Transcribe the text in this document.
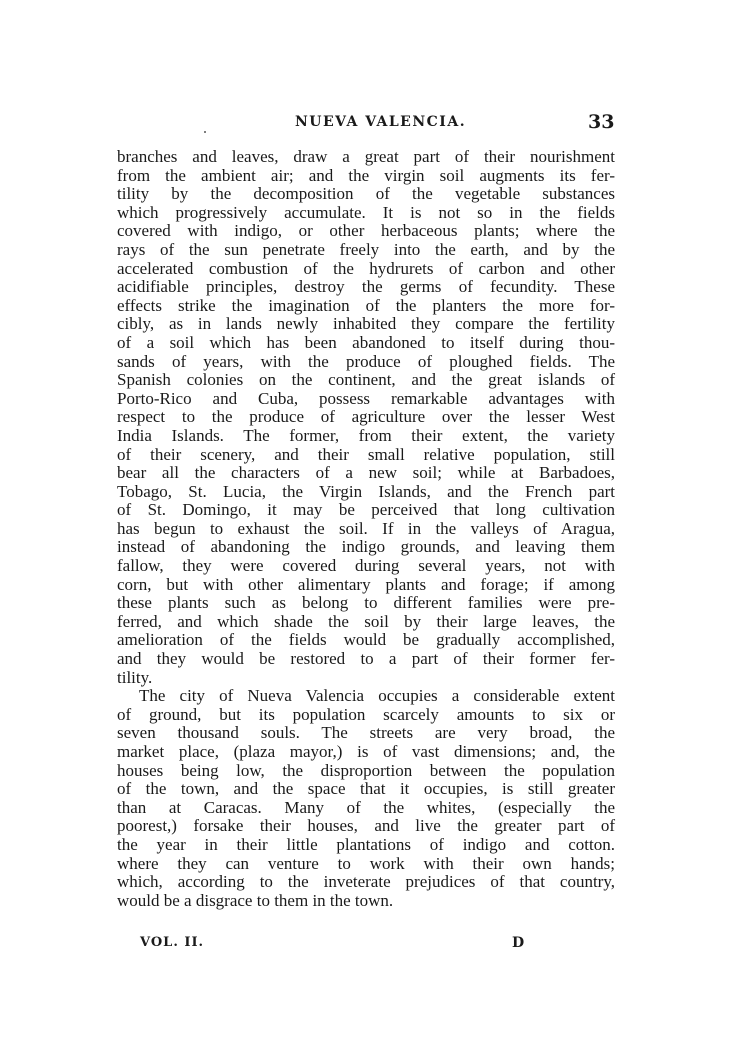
NUEVA VALENCIA.	33
branches and leaves, draw a great part of their nourishment
from the ambient air; and the virgin soil augments its fer-
tility by the decomposition of the vegetable substances
which progressively accumulate. It is not so in the fields
covered with indigo, or other herbaceous plants; where the
rays of the sun penetrate freely into the earth, and by the
accelerated combustion of the hydrurets of carbon and other
acidifiable principles, destroy the germs of fecundity. These
effects strike the imagination of the planters the more for-
cibly, as in lands newly inhabited they compare the fertility
of a soil which has been abandoned to itself during thou-
sands of years, with the produce of ploughed fields. The
Spanish colonies on the continent, and the great islands of
Porto-Rico and Cuba, possess remarkable advantages with
respect to the produce of agriculture over the lesser West
India Islands. The former, from their extent, the variety
of their scenery, and their small relative population, still
bear all the characters of a new soil; while at Barbadoes,
Tobago, St. Lucia, the Virgin Islands, and the French part
of St. Domingo, it may be perceived that long cultivation
has begun to exhaust the soil. If in the valleys of Aragua,
instead of abandoning the indigo grounds, and leaving them
fallow, they were covered during several years, not with
corn, but with other alimentary plants and forage; if among
these plants such as belong to different families were pre-
ferred, and which shade the soil by their large leaves, the
amelioration of the fields would be gradually accomplished,
and they would be restored to a part of their former fer-
tility.
The city of Nueva Valencia occupies a considerable extent
of ground, but its population scarcely amounts to six or
seven thousand souls. The streets are very broad, the
market place, (plaza mayor,) is of vast dimensions; and, the
houses being low, the disproportion between the population
of the town, and the space that it occupies, is still greater
than at Caracas. Many of the whites, (especially the
poorest,) forsake their houses, and live the greater part of
the year in their little plantations of indigo and cotton.
where they can venture to work with their own hands;
which, according to the inveterate prejudices of that country,
would be a disgrace to them in the town.
VOL. II.	D
